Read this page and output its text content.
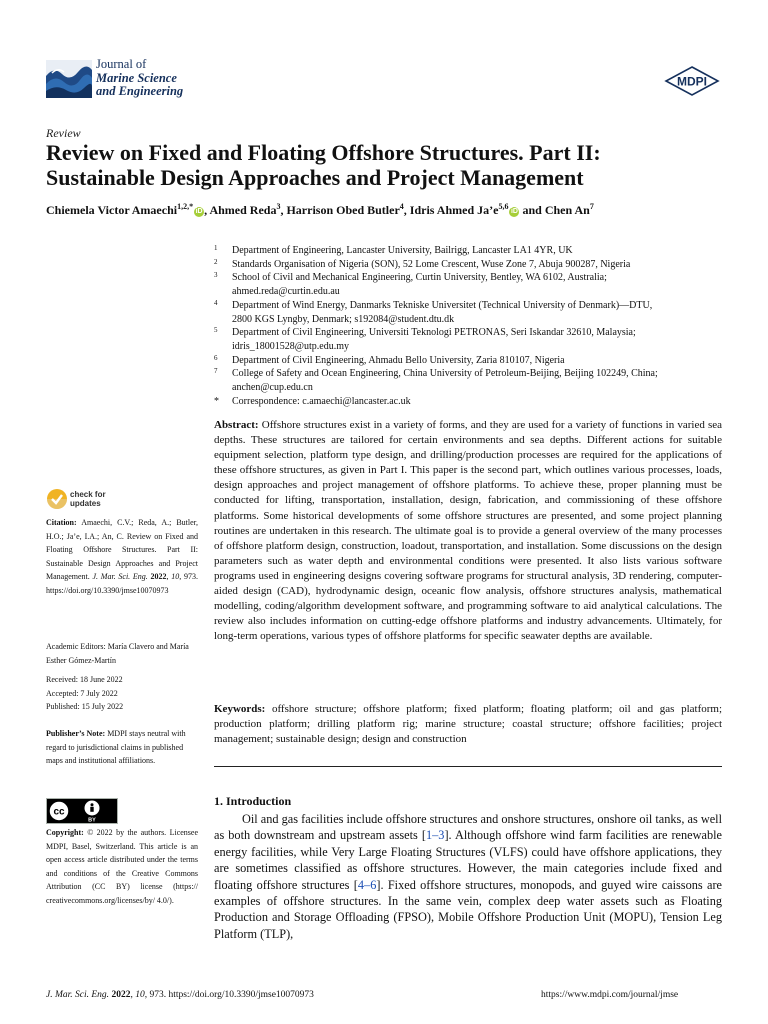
Journal of
Marine Science
and Engineering
MDPI
Review
Review on Fixed and Floating Offshore Structures. Part II:
Sustainable Design Approaches and Project Management
Chiemela Victor Amaechi$^{1,2,*}$iD , Ahmed Reda$^3$, Harrison Obed Butler$^4$, Idris Ahmed $Ja’e^{5,6}iD$ and Chen An$^7$
1 Department of Engineering, Lancaster University, Bailrigg, Lancaster LA1 4YR, UK
2 Standards Organisation of Nigeria (SON), 52 Lome Crescent, Wuse Zone 7, Abuja 900287, Nigeria
3 School of Civil and Mechanical Engineering, Curtin University, Bentley, WA 6102, Australia;
ahmed.reda@curtin.edu.au
4 Department of Wind Energy, Danmarks Tekniske Universitet (Technical University of Denmark)—DTU,
2800 KGS Lyngby, Denmark; s192084@student.dtu.dk
5 Department of Civil Engineering, Universiti Teknologi PETRONAS, Seri Iskandar 32610, Malaysia;
idris_18001528@utp.edu.my
6 Department of Civil Engineering, Ahmadu Bello University, Zaria 810107, Nigeria
7 College of Safety and Ocean Engineering, China University of Petroleum-Beijing, Beijing 102249, China;
anchen@cup.edu.cn
* Correspondence: c.amaechi@lancaster.ac.uk

Abstract: Offshore structures exist in a variety of forms, and they are used for a variety of functions in varied sea depths. These structures are tailored for certain environments and sea depths. Different actions for suitable equipment selection, platform type design, and drilling/production processes are required for the applications of these offshore structures, as given in Part I. This paper is the second part, which outlines various processes, loads, design approaches and project management of offshore platforms. To achieve these, proper planning must be conducted for lifting, transportation, installation, design, fabrication, and commissioning of these offshore platforms. Some historical developments of some offshore structures are presented, and some project planning routines are undertaken in this research. The ultimate goal is to provide a general overview of the many processes of offshore platform design, construction, loadout, transportation, and installation. Some discussions on the design parameters such as water depth and environmental conditions were presented. It also lists various software programs used in engineering designs covering software programs for structural analysis, 3D rendering, computer-aided design (CAD), hydrodynamic design, oceanic flow analysis, offshore structures analysis, mathematical modelling, coding/algorithm development software, and programming software to aid analytical calculations. The review also includes information on cutting-edge offshore platforms and industry advancements. Ultimately, for long-term operations, various types of offshore platforms for specific seawater depths are available.

Keywords: offshore structure; offshore platform; fixed platform; floating platform; oil and gas platform; production platform; drilling platform rig; marine structure; coastal structure; offshore facilities; project management; sustainable design; design and construction

1. Introduction

Oil and gas facilities include offshore structures and onshore structures, onshore oil tanks, as well as both downstream and upstream assets [1–3]. Although offshore wind farm facilities are renewable energy facilities, while Very Large Floating Structures (VLFS) could have offshore applications, they are sometimes classified as offshore structures. However, the main categories include fixed and floating offshore structures [4–6]. Fixed offshore structures, monopods, and guyed wire caissons are examples of offshore structures. In the same vein, complex deep water assets such as Floating Production and Storage Offloading (FPSO), Mobile Offshore Production Unit (MOPU), Tension Leg Platform (TLP),

check for
updates
Citation: Amaechi, C.V.; Reda, A.; Butler, H.O.; Ja’e, I.A.; An, C. Review on Fixed and Floating Offshore Structures. Part II: Sustainable Design Approaches and Project Management. J. Mar. Sci. Eng. 2022, 10, 973. https://doi.org/10.3390/jmse10070973
Academic Editors: María Clavero and María Esther Gómez-Martín
Received: 18 June 2022
Accepted: 7 July 2022
Published: 15 July 2022
Publisher’s Note: MDPI stays neutral with regard to jurisdictional claims in published maps and institutional affiliations.
cc
BY
Copyright: © 2022 by the authors. Licensee MDPI, Basel, Switzerland. This article is an open access article distributed under the terms and conditions of the Creative Commons Attribution (CC BY) license (https:// creativecommons.org/licenses/by/ 4.0/).
J. Mar. Sci. Eng. 2022, 10, 973. https://doi.org/10.3390/jmse10070973	https://www.mdpi.com/journal/jmse
